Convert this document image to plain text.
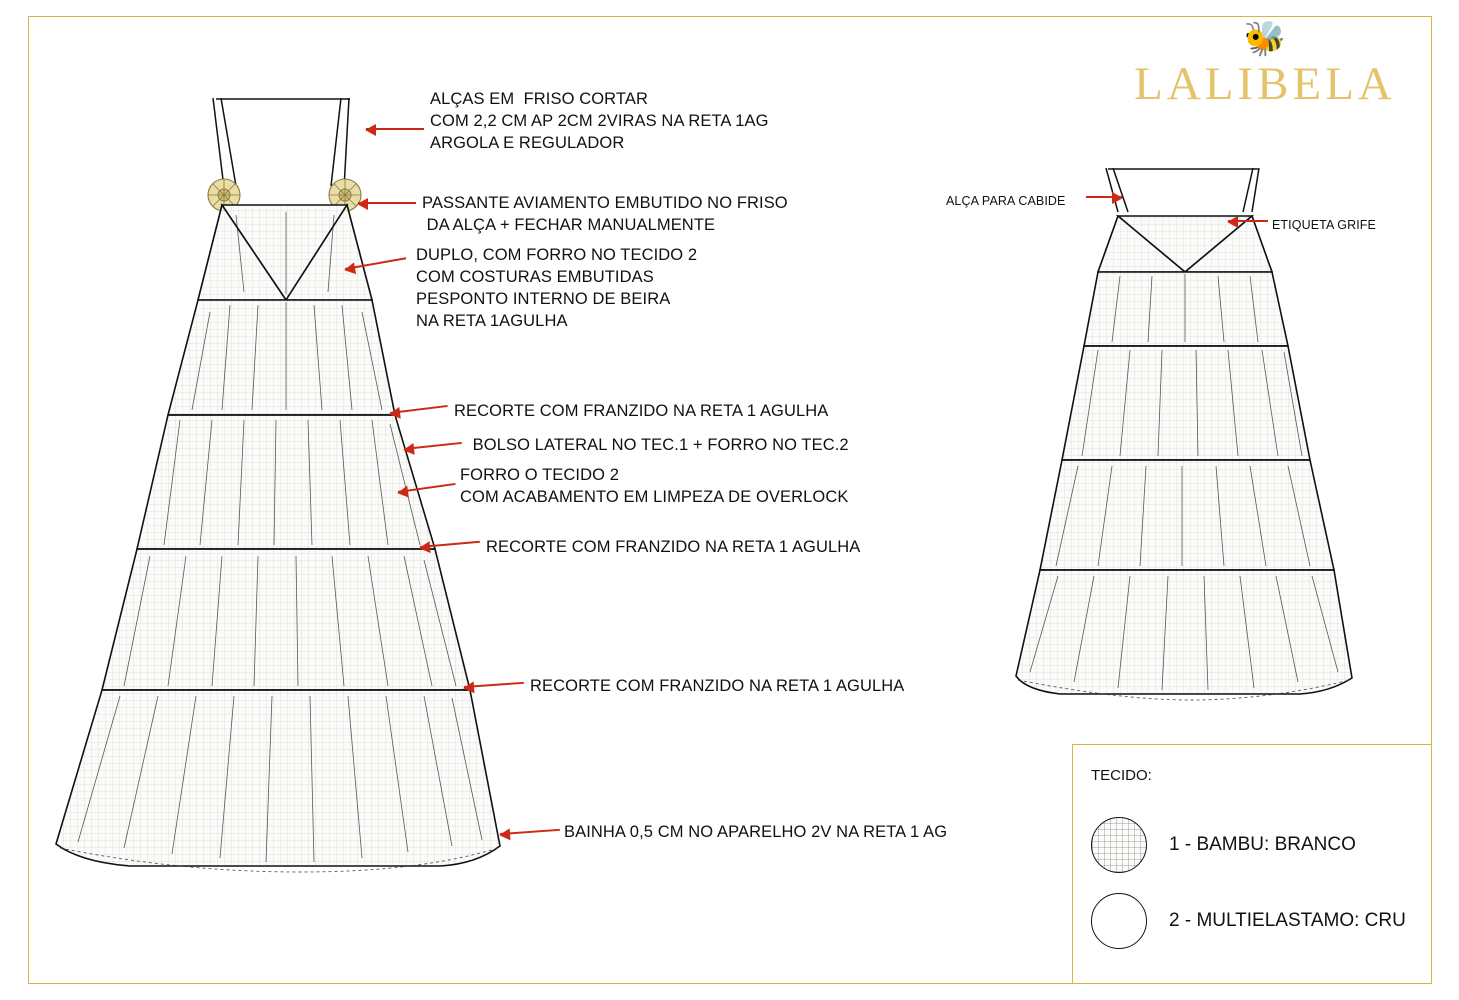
🐝
LALIBELA
ALÇAS EM  FRISO CORTAR
COM 2,2 CM AP 2CM 2VIRAS NA RETA 1AG
ARGOLA E REGULADOR
PASSANTE AVIAMENTO EMBUTIDO NO FRISO
DA ALÇA + FECHAR MANUALMENTE
DUPLO, COM FORRO NO TECIDO 2
COM COSTURAS EMBUTIDAS
PESPONTO INTERNO DE BEIRA
NA RETA 1AGULHA
RECORTE COM FRANZIDO NA RETA 1 AGULHA
BOLSO LATERAL NO TEC.1 + FORRO NO TEC.2
FORRO O TECIDO 2
COM ACABAMENTO EM LIMPEZA DE OVERLOCK
RECORTE COM FRANZIDO NA RETA 1 AGULHA
RECORTE COM FRANZIDO NA RETA 1 AGULHA
BAINHA 0,5 CM NO APARELHO 2V NA RETA 1 AG
ALÇA PARA CABIDE
ETIQUETA GRIFE
TECIDO:
1 - BAMBU: BRANCO
2 - MULTIELASTAMO: CRU
